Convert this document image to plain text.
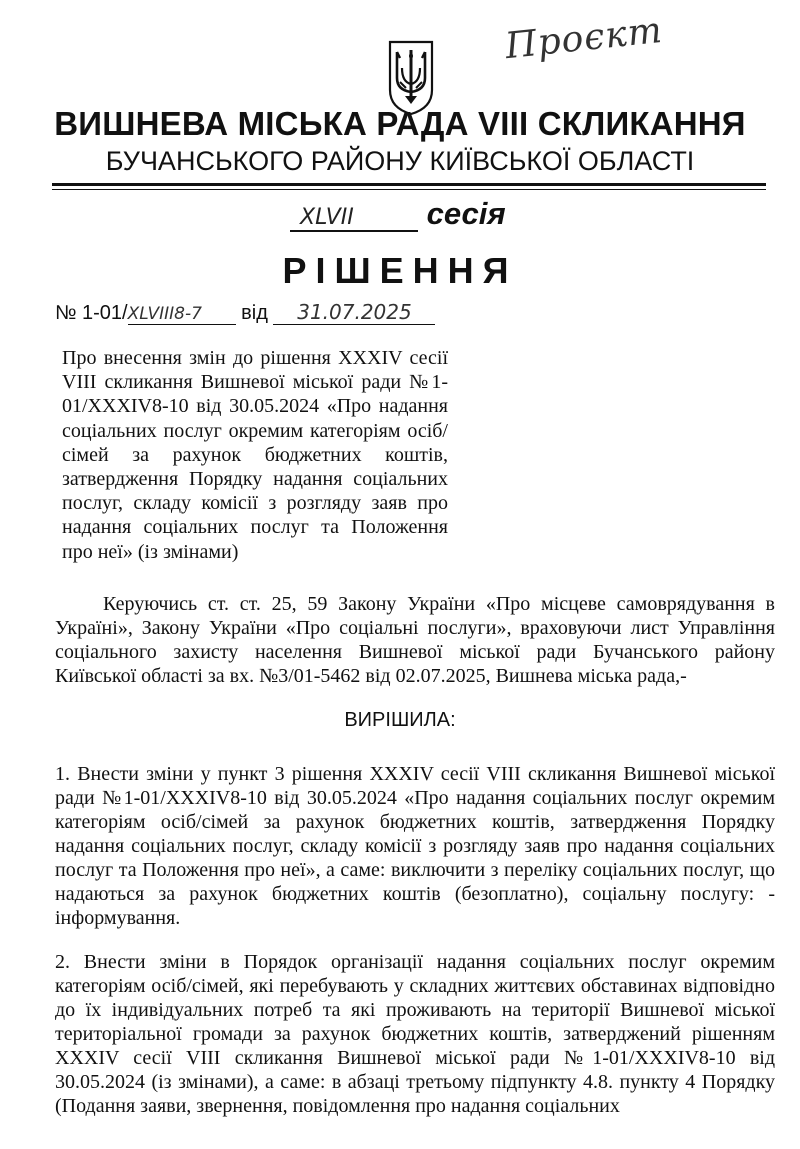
Проєкт
ВИШНЕВА МІСЬКА РАДА VIII СКЛИКАННЯ
БУЧАНСЬКОГО РАЙОНУ КИЇВСЬКОЇ ОБЛАСТІ
XLVII сесія
РІШЕННЯ
№ 1-01/XLVIII8-7 від 31.07.2025
Про внесення змін до рішення XXXIV сесії VIII скликання Вишневої міської ради №1-01/XXXIV8-10 від 30.05.2024 «Про надання соціальних послуг окремим категоріям осіб/сімей за рахунок бюджетних коштів, затвердження Порядку надання соціальних послуг, складу комісії з розгляду заяв про надання соціальних послуг та Положення про неї» (із змінами)
Керуючись ст. ст. 25, 59 Закону України «Про місцеве самоврядування в Україні», Закону України «Про соціальні послуги», враховуючи лист Управління соціального захисту населення Вишневої міської ради Бучанського району Київської області за вх. №3/01-5462 від 02.07.2025, Вишнева міська рада,-
ВИРІШИЛА:
1. Внести зміни у пункт 3 рішення XXXIV сесії VIII скликання Вишневої міської ради №1-01/XXXIV8-10 від 30.05.2024 «Про надання соціальних послуг окремим категоріям осіб/сімей за рахунок бюджетних коштів, затвердження Порядку надання соціальних послуг, складу комісії з розгляду заяв про надання соціальних послуг та Положення про неї», а саме: виключити з переліку соціальних послуг, що надаються за рахунок бюджетних коштів (безоплатно), соціальну послугу: - інформування.
2. Внести зміни в Порядок організації надання соціальних послуг окремим категоріям осіб/сімей, які перебувають у складних життєвих обставинах відповідно до їх індивідуальних потреб та які проживають на території Вишневої міської територіальної громади за рахунок бюджетних коштів, затверджений рішенням XXXIV сесії VIII скликання Вишневої міської ради №1-01/XXXIV8-10 від 30.05.2024 (із змінами), а саме: в абзаці третьому підпункту 4.8. пункту 4 Порядку (Подання заяви, звернення, повідомлення про надання соціальних
